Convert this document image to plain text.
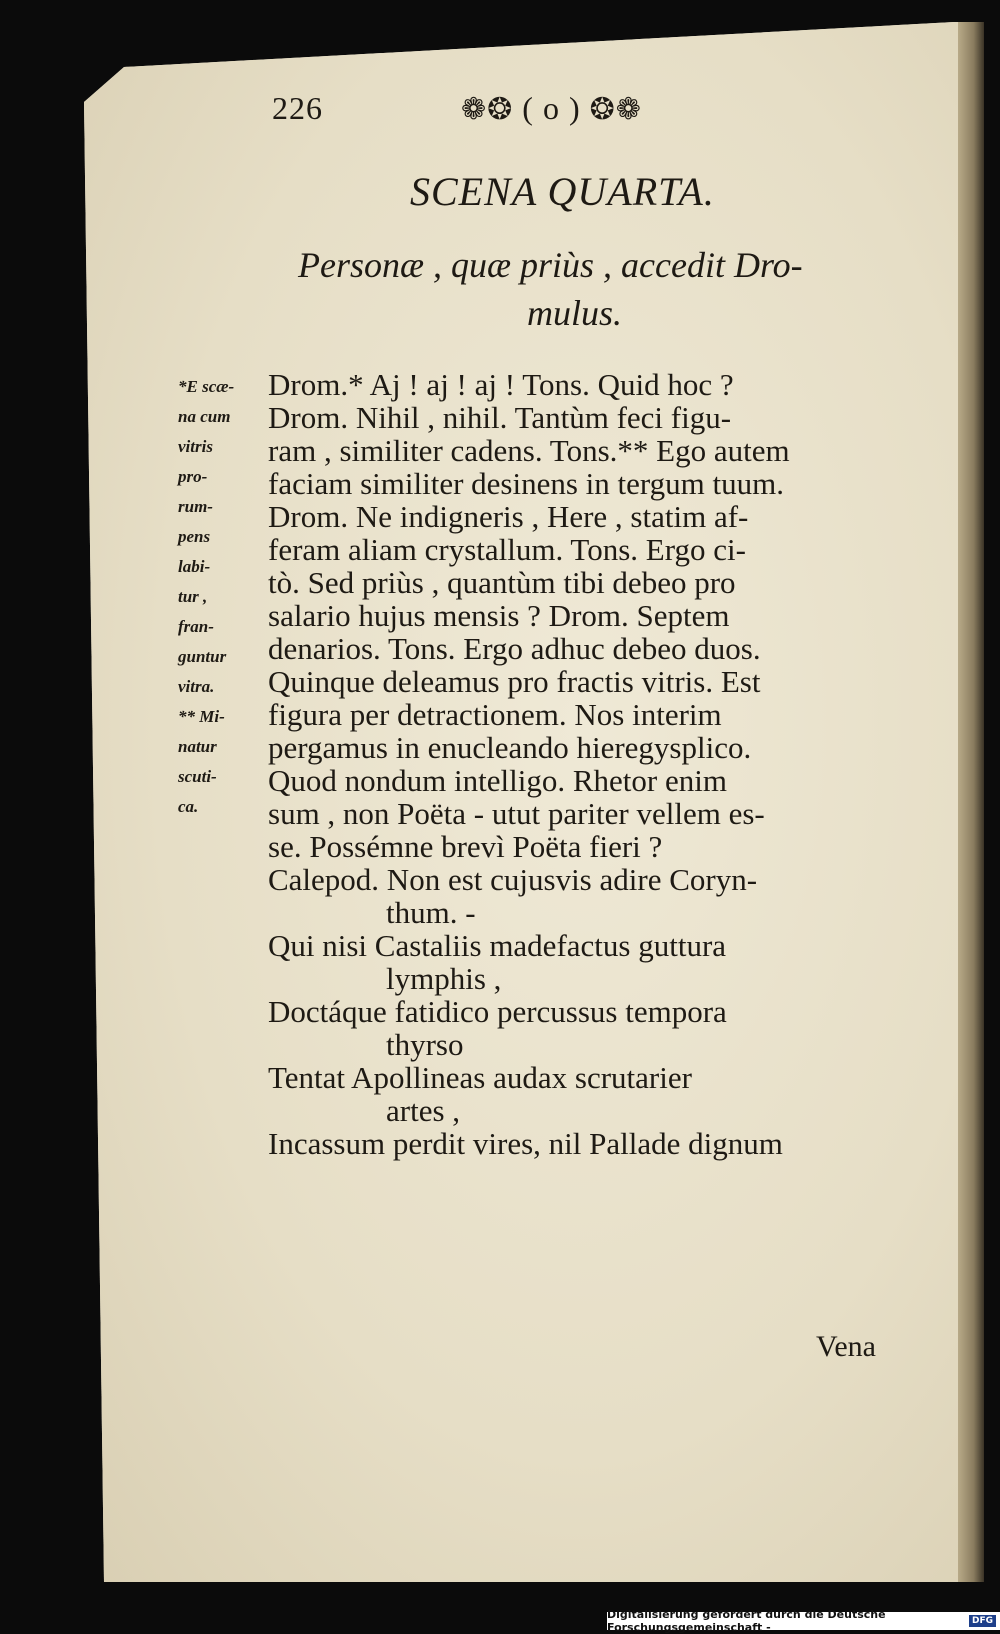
226	❁❂ ( o ) ❂❁
SCENA QUARTA.
Personæ , quæ priùs , accedit Dro-
mulus.
*E scæ-
na cum
vitris
pro-
rum-
pens
labi-
tur ,
fran-
guntur
vitra.
** Mi-
natur
scuti-
ca.
Drom.* Aj ! aj ! aj ! Tons. Quid hoc ?
Drom. Nihil , nihil. Tantùm feci figu-
ram , similiter cadens. Tons.** Ego autem
faciam similiter desinens in tergum tuum.
Drom. Ne indigneris , Here , statim af-
feram aliam crystallum. Tons. Ergo ci-
tò. Sed priùs , quantùm tibi debeo pro
salario hujus mensis ? Drom. Septem
denarios. Tons. Ergo adhuc debeo duos.
Quinque deleamus pro fractis vitris. Est
figura per detractionem. Nos interim
pergamus in enucleando hieregysplico.
Quod nondum intelligo. Rhetor enim
sum , non Poëta - utut pariter vellem es-
se. Possémne brevì Poëta fieri ?
Calepod. Non est cujusvis adire Coryn-
thum. -
Qui nisi Castaliis madefactus guttura
lymphis ,
Doctáque fatidico percussus tempora
thyrso
Tentat Apollineas audax scrutarier
artes ,
Incassum perdit vires, nil Pallade dignum
Vena
Digitalisierung gefördert durch die Deutsche Forschungsgemeinschaft -	DFG
